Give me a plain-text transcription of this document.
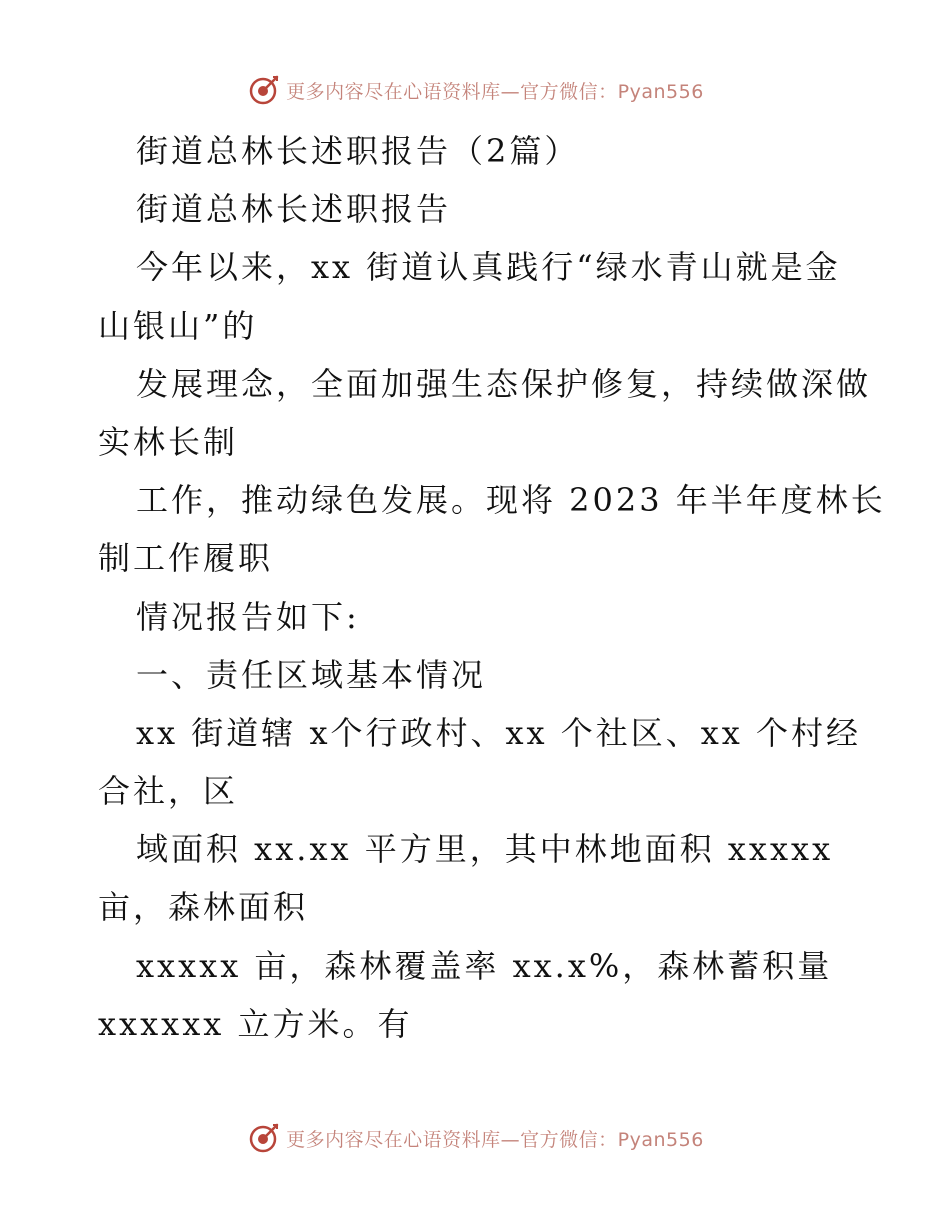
更多内容尽在心语资料库—官方微信：Pyan556
街道总林长述职报告（2篇）
街道总林长述职报告
今年以来，xx 街道认真践行“绿水青山就是金
山银山”的
发展理念，全面加强生态保护修复，持续做深做
实林长制
工作，推动绿色发展。现将 2023 年半年度林长
制工作履职
情况报告如下:
一、责任区域基本情况
xx 街道辖 x个行政村、xx 个社区、xx 个村经
合社，区
域面积 xx.xx 平方里，其中林地面积 xxxxx
亩，森林面积
xxxxx 亩，森林覆盖率 xx.x%，森林蓄积量
xxxxxx 立方米。有
更多内容尽在心语资料库—官方微信：Pyan556
